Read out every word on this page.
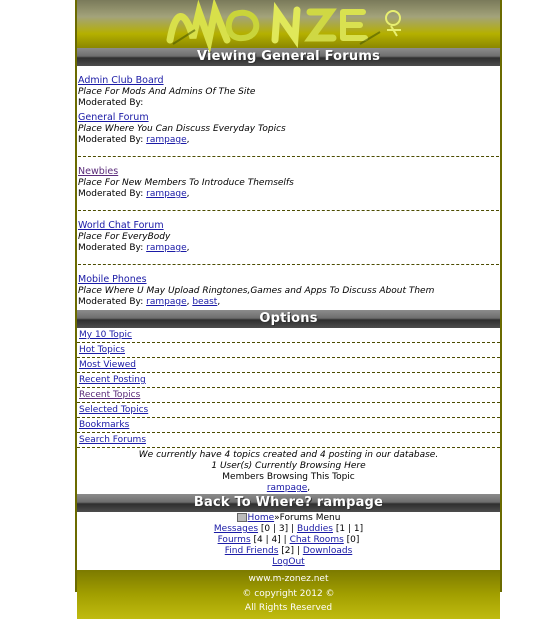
Viewing General Forums
Admin Club Board
Place For Mods And Admins Of The Site
Moderated By:
General Forum
Place Where You Can Discuss Everyday Topics
Moderated By: rampage,
Newbies
Place For New Members To Introduce Themselfs
Moderated By: rampage,
World Chat Forum
Place For EveryBody
Moderated By: rampage,
Mobile Phones
Place Where U May Upload Ringtones,Games and Apps To Discuss About Them
Moderated By: rampage, beast,
Options
My 10 Topic
Hot Topics
Most Viewed
Recent Posting
Recent Topics
Selected Topics
Bookmarks
Search Forums
We currently have 4 topics created and 4 posting in our database.
1 User(s) Currently Browsing Here
Members Browsing This Topic
rampage,
Back To Where? rampage
Home»Forums Menu
Messages [0 | 3] | Buddies [1 | 1]
Fourms [4 | 4] | Chat Rooms [0]
Find Friends [2] | Downloads
LogOut
www.m-zonez.net
© copyright 2012 ©
All Rights Reserved
